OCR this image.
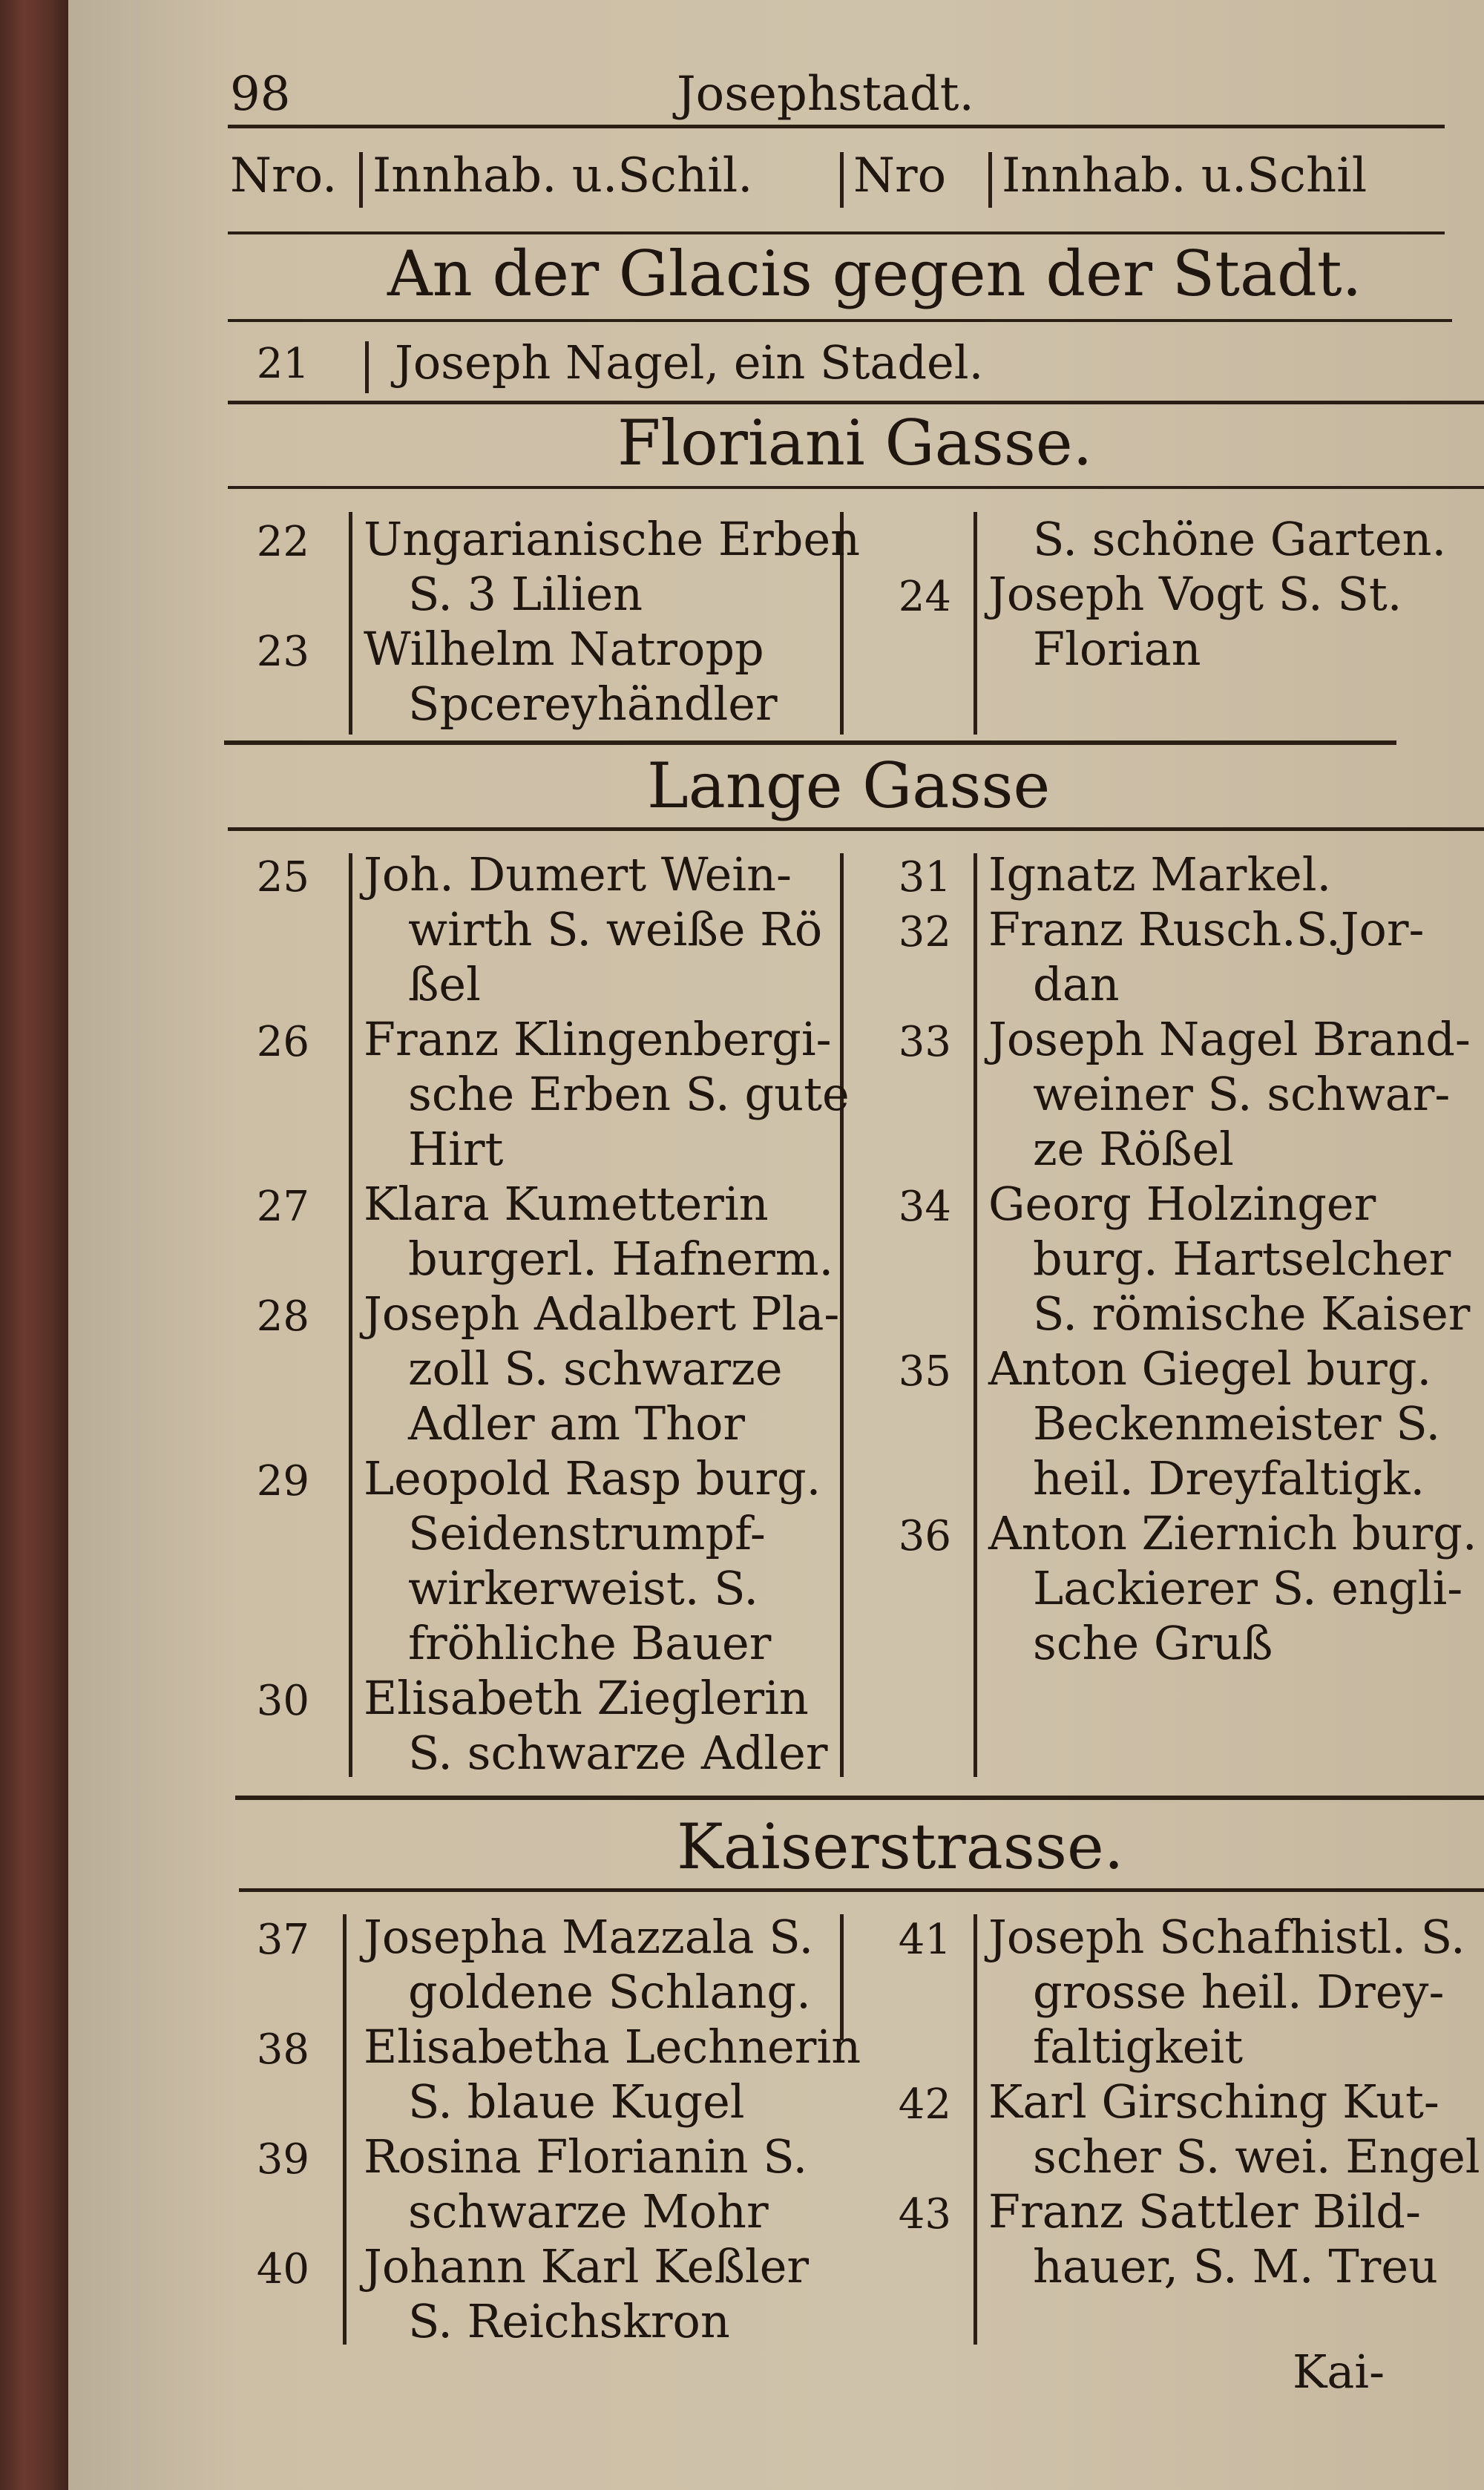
98	Josephstadt.
Nro. Innhab. u.Schil. Nro Innhab. u.Schil
An der Glacis gegen der Stadt.
21 Joseph Nagel, ein Stadel.
Floriani Gasse.
22 Ungarianische Erben
S. 3 Lilien
23 Wilhelm Natropp
Spcereyhändler
S. schöne Garten.
24 Joseph Vogt S. St.
Florian
Lange Gasse
25 Joh. Dumert Wein-
wirth S. weiße Rö
ßel
26 Franz Klingenbergi-
sche Erben S. gute
Hirt
27 Klara Kumetterin
burgerl. Hafnerm.
28 Joseph Adalbert Pla-
zoll S. schwarze
Adler am Thor
29 Leopold Rasp burg.
Seidenstrumpf-
wirkerweist. S.
fröhliche Bauer
30 Elisabeth Zieglerin
S. schwarze Adler
31 Ignatz Markel.
32 Franz Rusch.S.Jor-
dan
33 Joseph Nagel Brand-
weiner S. schwar-
ze Rößel
34 Georg Holzinger
burg. Hartselcher
S. römische Kaiser
35 Anton Giegel burg.
Beckenmeister S.
heil. Dreyfaltigk.
36 Anton Ziernich burg.
Lackierer S. engli-
sche Gruß
Kaiserstrasse.
37 Josepha Mazzala S.
goldene Schlang.
38 Elisabetha Lechnerin
S. blaue Kugel
39 Rosina Florianin S.
schwarze Mohr
40 Johann Karl Keßler
S. Reichskron
41 Joseph Schafhistl. S.
grosse heil. Drey-
faltigkeit
42 Karl Girsching Kut-
scher S. wei. Engel
43 Franz Sattler Bild-
hauer, S. M. Treu
Kai-
